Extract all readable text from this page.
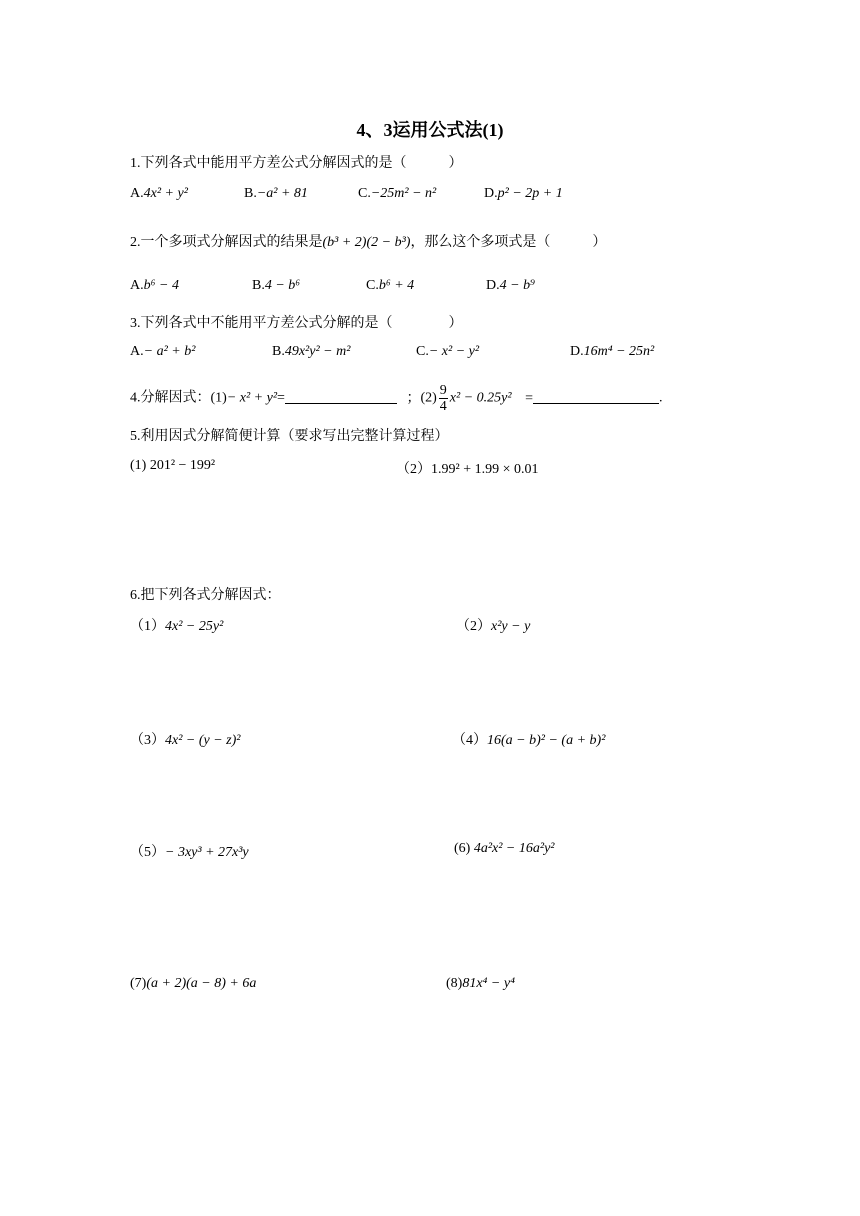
4、3运用公式法(1)
1.下列各式中能用平方差公式分解因式的是（　　　）
A.4x² + y²	B.−a² + 81	C.−25m² − n²	D.p² − 2p + 1
2.一个多项式分解因式的结果是(b³ + 2)(2 − b³)，那么这个多项式是（　　　）
A.b⁶ − 4	B.4 − b⁶	C.b⁶ + 4	D.4 − b⁹
3.下列各式中不能用平方差公式分解的是（　　　　）
A.− a² + b²	B.49x²y² − m²	C.− x² − y²	D.16m⁴ − 25n²
4.分解因式：(1)− x² + y²=	；$(2) \frac{9}{4} x^2 - 0.25y^2$ =	.
5.利用因式分解简便计算（要求写出完整计算过程）
(1) 201² − 199²	（2）1.99² + 1.99 × 0.01
6.把下列各式分解因式：
（1）4x² − 25y²	（2）x²y − y
（3）4x² − (y − z)²	（4）16(a − b)² − (a + b)²
（5）− 3xy³ + 27x³y	(6) 4a²x² − 16a²y²
(7)(a + 2)(a − 8) + 6a	(8)81x⁴ − y⁴
